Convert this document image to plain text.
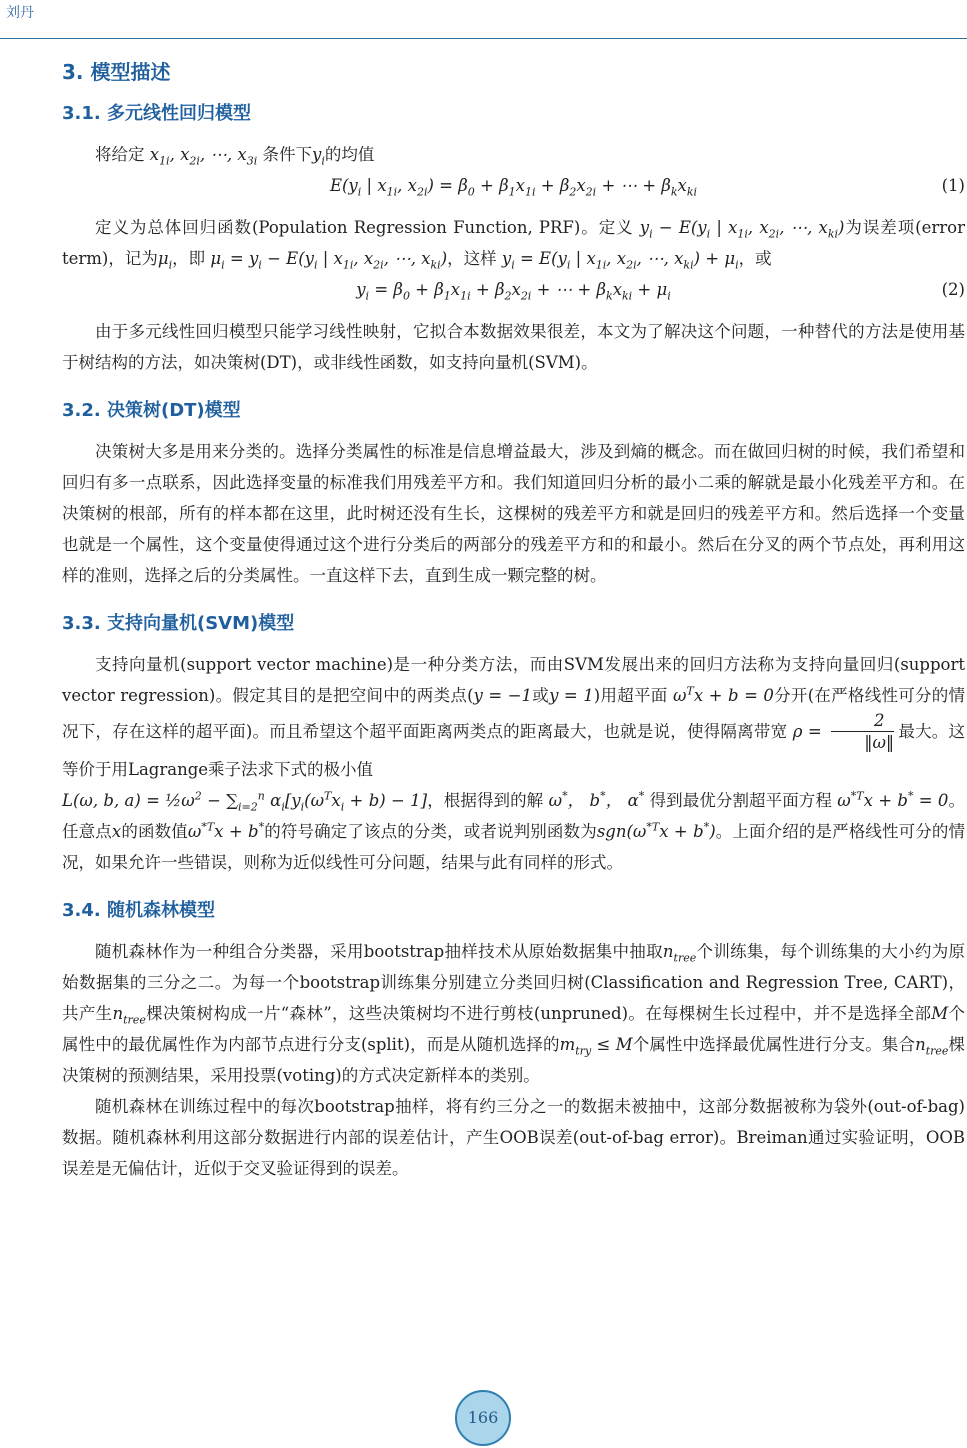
刘丹
3. 模型描述
3.1. 多元线性回归模型

将给定 $x_{1i}$, $x_{2i}$, ⋯, $x_{3i}$ 条件下$y_i$的均值

$E(y_i$ | $x_{1i}$, $x_{2i}) = \beta_0 + \beta_1x_{1i} + \beta_2x_{2i}$ + ⋯ + $\beta_kx_{ki}$	(1)

定义为总体回归函数(Population Regression Function, PRF)。定义 $y_i - E(y_i$ | $x_{1i}$, $x_{2i}$, ⋯, $x_{ki}$)为误差项(error term)，记为$\mu_i$，即 $\mu_i = y_i - E(y_i$ | $x_{1i}$, $x_{2i}$, ⋯, $x_{ki}$)，这样 $y_i = E(y_i$ | $x_{1i}$, $x_{2i}$, ⋯, $x_{ki}) + \mu_i$，或

$y_i = \beta_0 + \beta_1x_{1i} + \beta_2x_{2i}$ + ⋯ + $\beta_kx_{ki} + \mu_i$	(2)

由于多元线性回归模型只能学习线性映射，它拟合本数据效果很差，本文为了解决这个问题，一种替代的方法是使用基于树结构的方法，如决策树(DT)，或非线性函数，如支持向量机(SVM)。

3.2. 决策树(DT)模型

决策树大多是用来分类的。选择分类属性的标准是信息增益最大，涉及到熵的概念。而在做回归树的时候，我们希望和回归有多一点联系，因此选择变量的标准我们用残差平方和。我们知道回归分析的最小二乘的解就是最小化残差平方和。在决策树的根部，所有的样本都在这里，此时树还没有生长，这棵树的残差平方和就是回归的残差平方和。然后选择一个变量也就是一个属性，这个变量使得通过这个进行分类后的两部分的残差平方和的和最小。然后在分叉的两个节点处，再利用这样的准则，选择之后的分类属性。一直这样下去，直到生成一颗完整的树。

3.3. 支持向量机(SVM)模型

支持向量机(support vector machine)是一种分类方法，而由SVM发展出来的回归方法称为支持向量回归(support vector regression)。假定其目的是把空间中的两类点(y = −1或y = 1)用超平面 $\omega^Tx + b = 0$分开(在严格线性可分的情况下，存在这样的超平面)。而且希望这个超平面距离两类点的距离最大，也就是说，使得隔离带宽 $\rho = \frac{2}{‖\omega‖}$ 最大。这等价于用Lagrange乘子法求下式的极小值
L(ω, b, $a) = \frac{1}{2}\omega^2 - \sum_{i=2}^n$ $\alpha_i[y_i(\omega^Tx_i + b) - 1]$，根据得到的解 ω*， b*， α* 得到最优分割超平面方程 $\omega^{*T}x + b^* = 0$。任意点x的函数值$\omega^{*T}x + b^*$的符号确定了该点的分类，或者说判别函数为$sgn(\omega^{*T}x + b^*)$。上面介绍的是严格线性可分的情况，如果允许一些错误，则称为近似线性可分问题，结果与此有同样的形式。

3.4. 随机森林模型

随机森林作为一种组合分类器，采用bootstrap抽样技术从原始数据集中抽取$n_{tree}$个训练集，每个训练集的大小约为原始数据集的三分之二。为每一个bootstrap训练集分别建立分类回归树(Classification and Regression Tree, CART)，共产生$n_{tree}$棵决策树构成一片“森林”，这些决策树均不进行剪枝(unpruned)。在每棵树生长过程中，并不是选择全部M个属性中的最优属性作为内部节点进行分支(split)，而是从随机选择的$m_{try} \le M$个属性中选择最优属性进行分支。集合$n_{tree}$棵决策树的预测结果，采用投票(voting)的方式决定新样本的类别。

随机森林在训练过程中的每次bootstrap抽样，将有约三分之一的数据未被抽中，这部分数据被称为袋外(out-of-bag)数据。随机森林利用这部分数据进行内部的误差估计，产生OOB误差(out-of-bag error)。Breiman通过实验证明，OOB误差是无偏估计，近似于交叉验证得到的误差。

166
